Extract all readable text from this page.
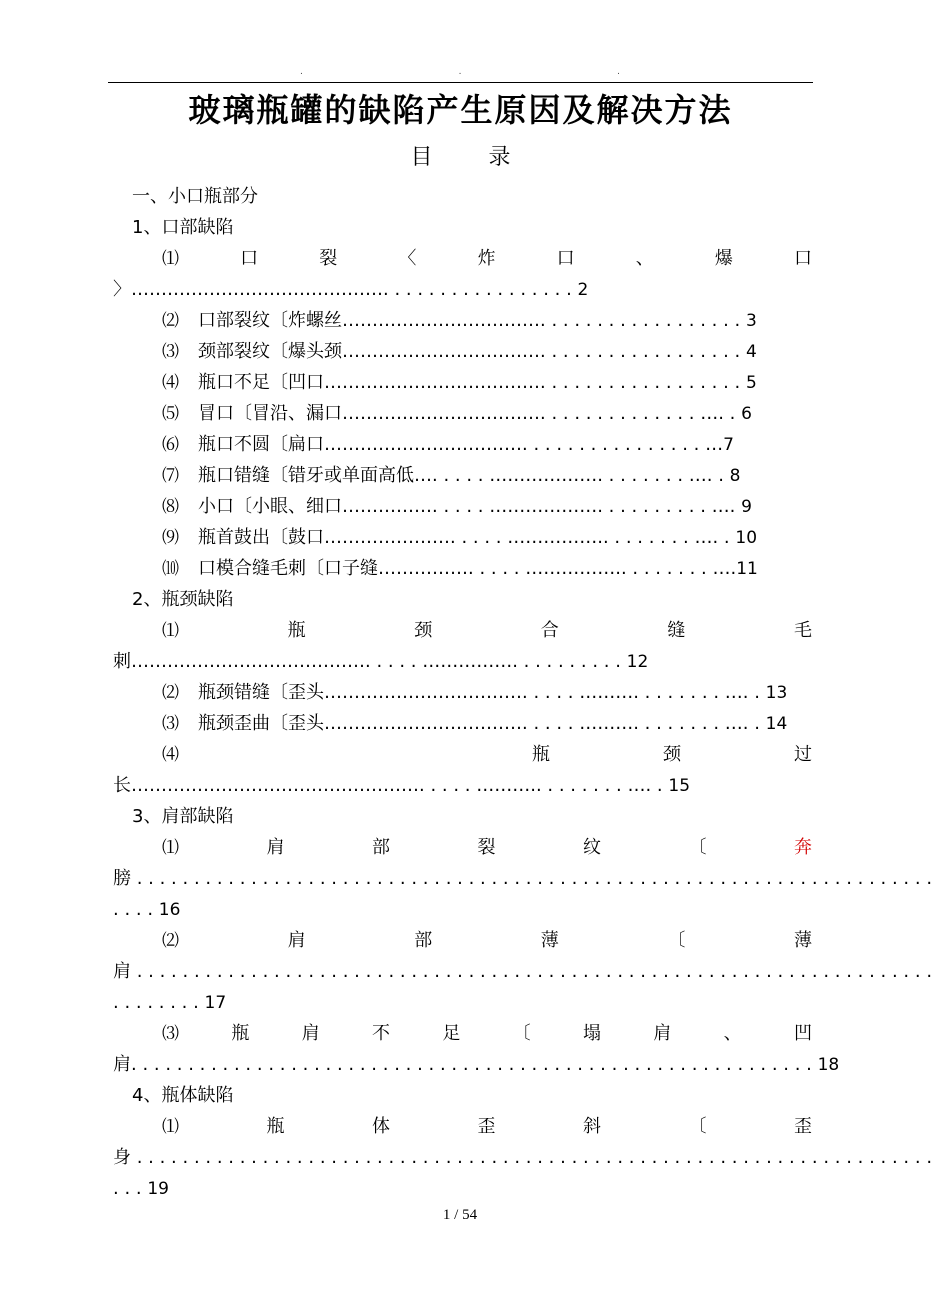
.	.	.
玻璃瓶罐的缺陷产生原因及解决方法
目	录
一、小口瓶部分
1、口部缺陷
⑴	口	裂	〈	炸	口	、	爆	口
〉……………………………………. . . . . . . . . . . . . . . . . 2
⑵ 口部裂纹〔炸螺丝……………………………. . . . . . . . . . . . . . . . . . 3
⑶ 颈部裂纹〔爆头颈……………………………. . . . . . . . . . . . . . . . . . 4
⑷ 瓶口不足〔凹口………………………………. . . . . . . . . . . . . . . . . . 5
⑸ 冒口〔冒沿、漏口……………………………. . . . . . . . . . . . . . …. . 6
⑹ 瓶口不圆〔扁口……………………………. . . . . . . . . . . . . . . . …7
⑺ 瓶口错缝〔错牙或单面高低…. . . . . ………………. . . . . . . . …. . 8
⑻ 小口〔小眼、细口……………. . . . . ………………. . . . . . . . . . …. 9
⑼ 瓶首鼓出〔鼓口…………………. . . . . …………….. . . . . . . . …. . 10
⑽ 口模合缝毛刺〔口子缝……………. . . . . …………….. . . . . . . . ….11
2、瓶颈缺陷
⑴	瓶	颈	合	缝	毛
刺…………………………………. . . . . ……………. . . . . . . . . . 12
⑵ 瓶颈错缝〔歪头……………………………. . . . . ………. . . . . . . . …. . 13
⑶ 瓶颈歪曲〔歪头……………………………. . . . . ………. . . . . . . . …. . 14
⑷	瓶	颈	过
长…………………………………………. . . . . ……….. . . . . . . . …. . 15
3、肩部缺陷
⑴	肩	部	裂	纹	〔	奔
膀 . . . . . . . . . . . . . . . . . . . . . . . . . . . . . . . . . . . . . . . . . . . . . . . . . . . . . . . . . . . . . . . . . . . . . .
. . . . 16
⑵	肩	部	薄	〔	薄
肩 . . . . . . . . . . . . . . . . . . . . . . . . . . . . . . . . . . . . . . . . . . . . . . . . . . . . . . . . . . . . . . . . . . . . . .
. . . . . . . . 17
⑶	瓶	肩	不	足	〔	塌	肩	、	凹
肩. . . . . . . . . . . . . . . . . . . . . . . . . . . . . . . . . . . . . . . . . . . . . . . . . . . . . . . . . . . . 18
4、瓶体缺陷
⑴	瓶	体	歪	斜	〔	歪
身 . . . . . . . . . . . . . . . . . . . . . . . . . . . . . . . . . . . . . . . . . . . . . . . . . . . . . . . . . . . . . . . . . . . . . .
. . . 19
1 / 54
